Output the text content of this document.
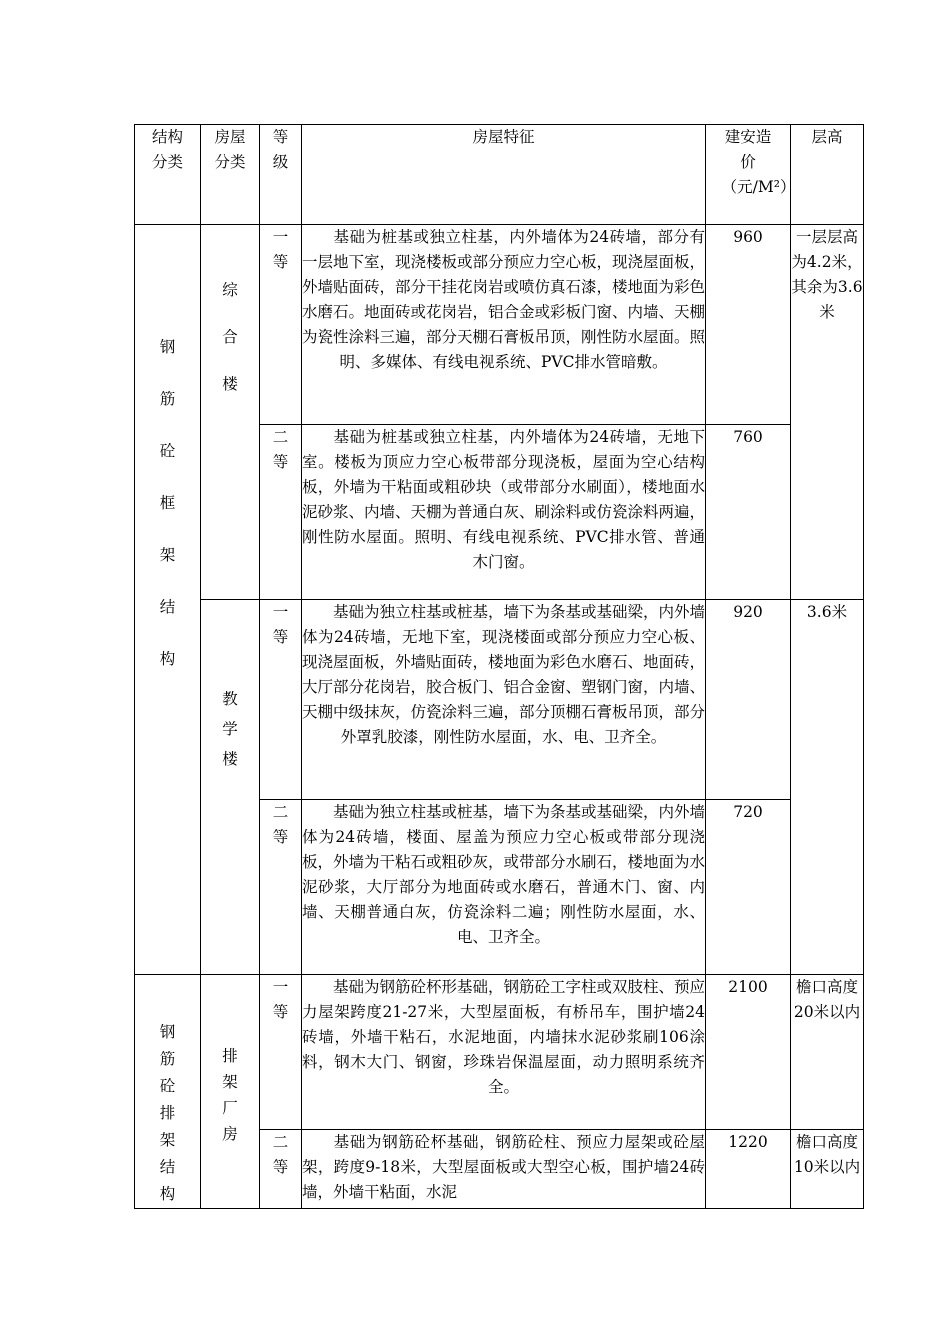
结构分类	房屋分类	等级	房屋特征	建安造价（元/M²）	层高
钢筋砼框架结构	综合楼	一等	基础为桩基或独立柱基，内外墙体为24砖墙，部分有一层地下室，现浇楼板或部分预应力空心板，现浇屋面板，外墙贴面砖，部分干挂花岗岩或喷仿真石漆，楼地面为彩色水磨石。地面砖或花岗岩，铝合金或彩板门窗、内墙、天棚为瓷性涂料三遍，部分天棚石膏板吊顶，刚性防水屋面。照明、多媒体、有线电视系统、PVC排水管暗敷。	960	一层层高为4.2米，其余为3.6米
		二等	基础为桩基或独立柱基，内外墙体为24砖墙，无地下室。楼板为顶应力空心板带部分现浇板，屋面为空心结构板，外墙为干粘面或粗砂块（或带部分水刷面），楼地面水泥砂浆、内墙、天棚为普通白灰、刷涂料或仿瓷涂料两遍，刚性防水屋面。照明、有线电视系统、PVC排水管、普通木门窗。	760	
	教学楼	一等	基础为独立柱基或桩基，墙下为条基或基础梁，内外墙体为24砖墙，无地下室，现浇楼面或部分预应力空心板、现浇屋面板，外墙贴面砖，楼地面为彩色水磨石、地面砖，大厅部分花岗岩，胶合板门、铝合金窗、塑钢门窗，内墙、天棚中级抹灰，仿瓷涂料三遍，部分顶棚石膏板吊顶，部分外罩乳胶漆，刚性防水屋面，水、电、卫齐全。	920	3.6米
		二等	基础为独立柱基或桩基，墙下为条基或基础梁，内外墙体为24砖墙，楼面、屋盖为预应力空心板或带部分现浇板，外墙为干粘石或粗砂灰，或带部分水刷石，楼地面为水泥砂浆，大厅部分为地面砖或水磨石，普通木门、窗、内墙、天棚普通白灰，仿瓷涂料二遍；刚性防水屋面，水、电、卫齐全。	720	
钢筋砼排架结构	排架厂房	一等	基础为钢筋砼杯形基础，钢筋砼工字柱或双肢柱、预应力屋架跨度21-27米，大型屋面板，有桥吊车，围护墙24砖墙，外墙干粘石，水泥地面，内墙抹水泥砂浆刷106涂料，钢木大门、钢窗，珍珠岩保温屋面，动力照明系统齐全。	2100	檐口高度20米以内
		二等	基础为钢筋砼杯基础，钢筋砼柱、预应力屋架或砼屋架，跨度9-18米，大型屋面板或大型空心板，围护墙24砖墙，外墙干粘面，水泥	1220	檐口高度10米以内
